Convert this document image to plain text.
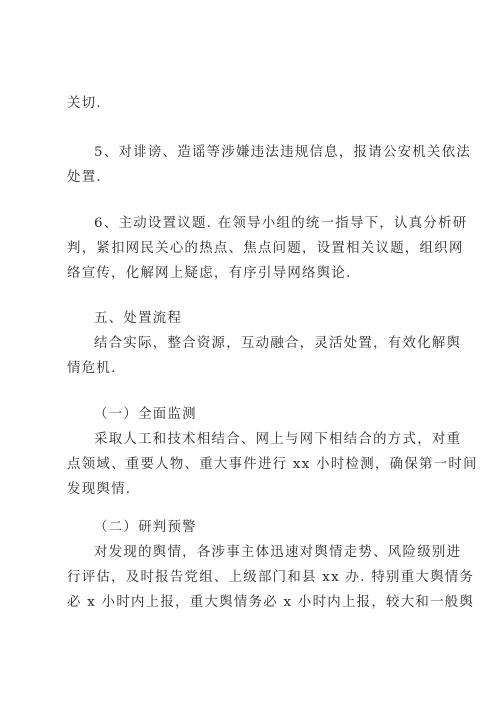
关切.
5、对诽谤、造谣等涉嫌违法违规信息，报请公安机关依法
处置.
6、主动设置议题. 在领导小组的统一指导下，认真分析研
判，紧扣网民关心的热点、焦点问题，设置相关议题，组织网
络宣传，化解网上疑虑，有序引导网络舆论.
五、处置流程
结合实际，整合资源，互动融合，灵活处置，有效化解舆
情危机.
（一）全面监测
采取人工和技术相结合、网上与网下相结合的方式，对重
点领域、重要人物、重大事件进行 xx 小时检测，确保第一时间
发现舆情.
（二）研判预警
对发现的舆情，各涉事主体迅速对舆情走势、风险级别进
行评估，及时报告党组、上级部门和县 xx 办. 特别重大舆情务
必 x 小时内上报，重大舆情务必 x 小时内上报，较大和一般舆
